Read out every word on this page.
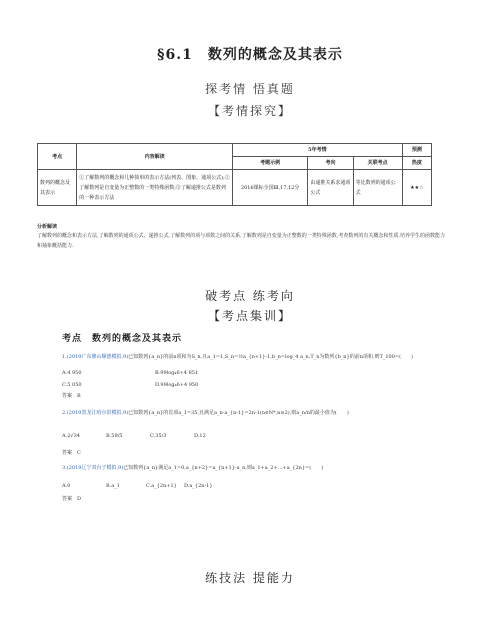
§6.1　数列的概念及其表示
探考情 悟真题
【考情探究】
考点	内容解读	5年考情			预测
		考题示例	考向	关联考点	热度
数列的概念及其表示	①了解数列的概念和几种简单的表示方法(列表、图象、通项公式);②了解数列是自变量为正整数的一类特殊函数;③了解递推公式是数列的一种表示方法	2016课标全国Ⅲ,17,12分	由递推关系求通项公式	等比数列的通项公式	★★☆
分析解读
了解数列的概念和表示方法,了解数列的通项公式、递推公式,了解数列的项与项数之间的关系,了解数列是自变量为正整数的一类特殊函数,考查数列的有关概念和性质,培养学生的函数能力和抽象概括能力.
破考点 练考向
【考点集训】
考点　数列的概念及其表示
1.(2019广东佛山顺德模拟,9)已知数列{a_n}的前n项和为S_n,且a_1=1,S_n=½a_{n+1}-1,b_n=log_4 a_n,T_n为数列{b_n}的前n项和,则T_100=(　　)
A.4 950	B.99log₄6+4 851
C.5 050	D.99log₄6+4 950
答案　B
2.(2019黑龙江哈尔滨模拟,9)已知数列{a_n}的首项a_1=35,且满足a_n-a_{n-1}=2n-1(n∈N*,n≥2),则a_n/n的最小值为(　　)
A.2√34	B.59/5	C.35/3	D.12
答案　C
3.(2019辽宁双台子模拟,9)已知数列{a_n}满足a_1=0,a_{n+2}=a_{n+1}-a_n,则a_1+a_2+…+a_{2n}=(　　)
A.0	B.a_1	C.a_{2n+1} D.a_{2n-1}
答案　D
练技法 提能力
